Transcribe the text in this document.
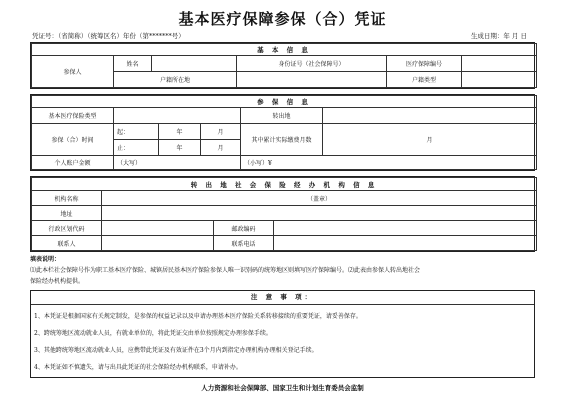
基本医疗保障参保（合）凭证
凭证号：（省简称）（统筹区名）年份（第*******号）	生成日期：年 月 日
基 本 信 息					
参保人	姓名		身份证号（社会保障号）	医疗保障编号	
	户籍所在地			户籍类型	
参 保 信 息					
基本医疗保险类型				转出地	
参保（合）时间	起：	年	月	其中累计实际缴费月数	月
	止：	年	月		
个人账户金额	（大写）			（小写）¥	
转 出 地 社 会 保 险 经 办 机 构 信 息			
机构名称	（盖章）		
地址			
行政区划代码		邮政编码	
联系人		联系电话	
填表说明：
⑴此本栏社会保障号作为职工基本医疗保险、城镇居民基本医疗保险参保人唯一识别码的统筹地区则填写医疗保障编号。⑵此表由参保人转出地社会
保险经办机构提供。
注 意 事 项：
1、本凭证是根据国家有关规定制发，是参保的权益记录以及申请办理基本医疗保险关系转移接续的重要凭证，请妥善保存。
2、跨统筹地区流动就业人员，有就业单位的，将此凭证交由单位按照规定办理参保手续。
3、其他跨统筹地区流动就业人员，应携带此凭证及有效证件在3个月内到指定办理机构办理相关登记手续。
4、本凭证如不慎遗失，请与出具此凭证的社会保险经办机构联系，申请补办。
人力资源和社会保障部、国家卫生和计划生育委员会监制
